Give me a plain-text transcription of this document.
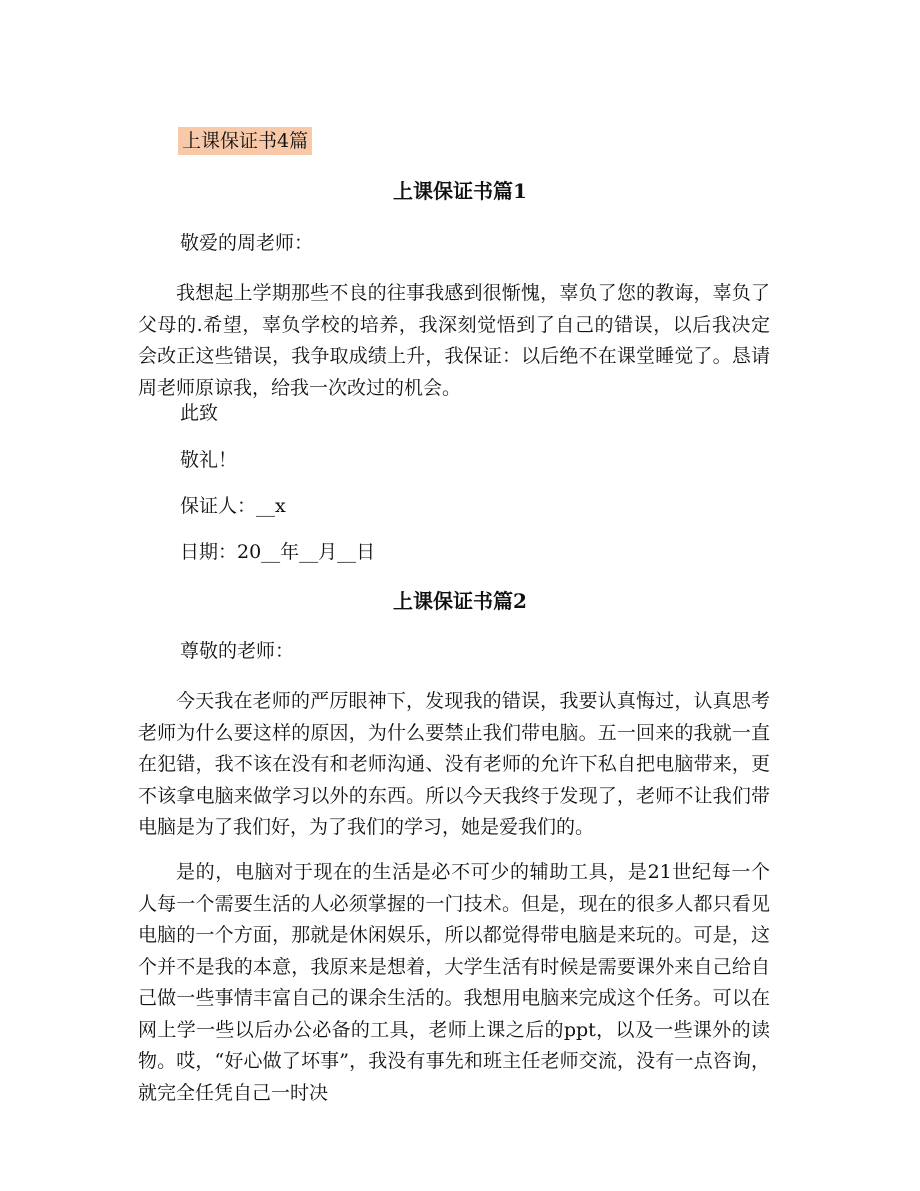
上课保证书4篇
上课保证书篇1
敬爱的周老师：
我想起上学期那些不良的往事我感到很惭愧，辜负了您的教诲，辜负了父母的.希望，辜负学校的培养，我深刻觉悟到了自己的错误，以后我决定会改正这些错误，我争取成绩上升，我保证：以后绝不在课堂睡觉了。恳请周老师原谅我，给我一次改过的机会。
此致
敬礼！
保证人：__x
日期：20__年__月__日
上课保证书篇2
尊敬的老师：
今天我在老师的严厉眼神下，发现我的错误，我要认真悔过，认真思考老师为什么要这样的原因，为什么要禁止我们带电脑。五一回来的我就一直在犯错，我不该在没有和老师沟通、没有老师的允许下私自把电脑带来，更不该拿电脑来做学习以外的东西。所以今天我终于发现了，老师不让我们带电脑是为了我们好，为了我们的学习，她是爱我们的。
是的，电脑对于现在的生活是必不可少的辅助工具，是21世纪每一个人每一个需要生活的人必须掌握的一门技术。但是，现在的很多人都只看见电脑的一个方面，那就是休闲娱乐，所以都觉得带电脑是来玩的。可是，这个并不是我的本意，我原来是想着，大学生活有时候是需要课外来自己给自己做一些事情丰富自己的课余生活的。我想用电脑来完成这个任务。可以在网上学一些以后办公必备的工具，老师上课之后的ppt，以及一些课外的读物。哎，“好心做了坏事”，我没有事先和班主任老师交流，没有一点咨询，就完全任凭自己一时决
